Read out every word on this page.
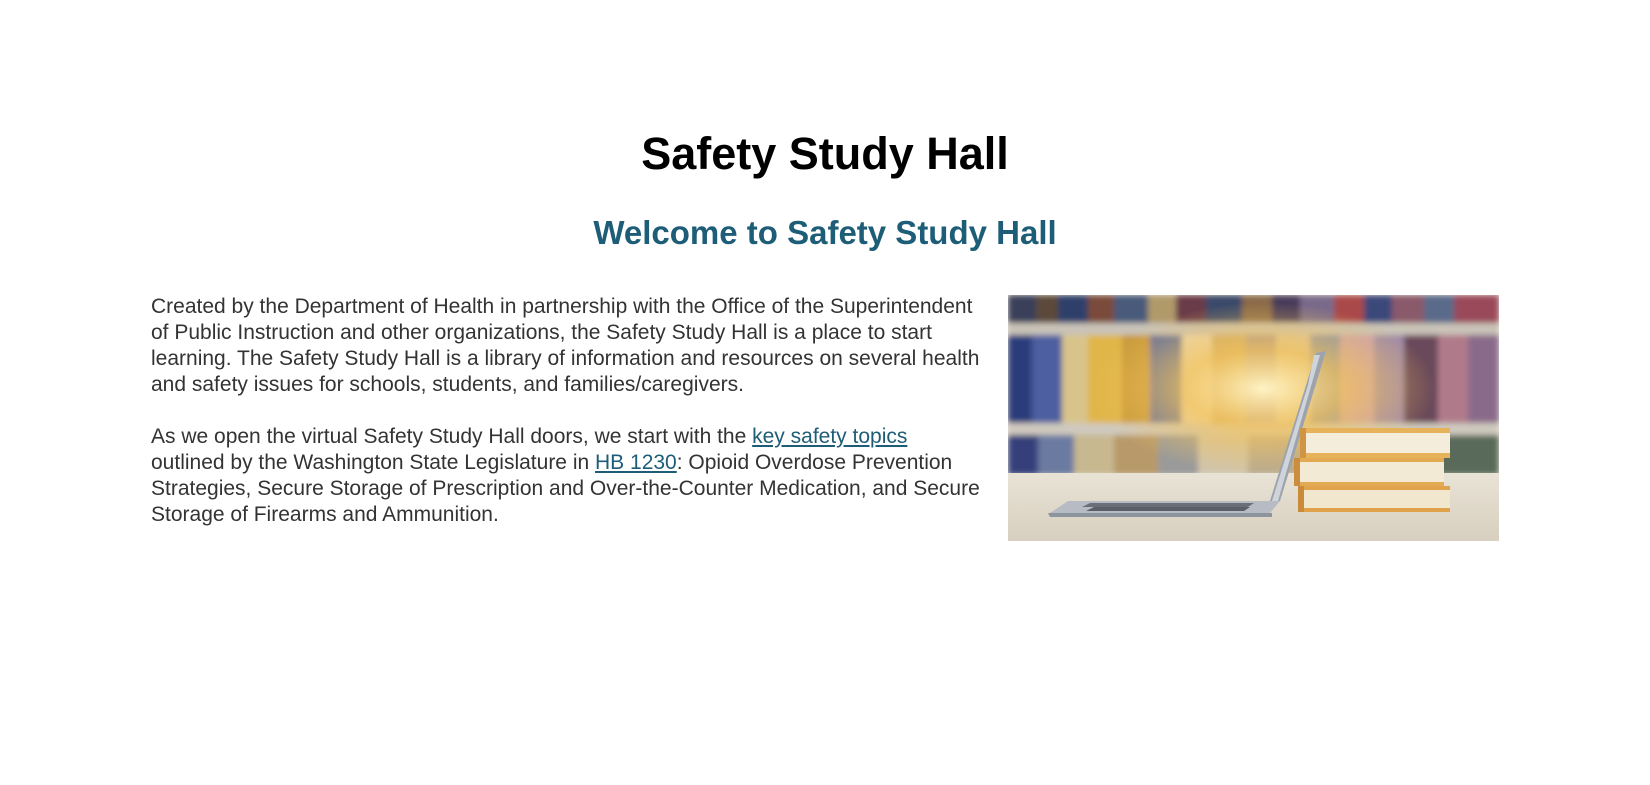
Safety Study Hall
Welcome to Safety Study Hall

Created by the Department of Health in partnership with the Office of the Superintendent of Public Instruction and other organizations, the Safety Study Hall is a place to start learning. The Safety Study Hall is a library of information and resources on several health and safety issues for schools, students, and families/caregivers.

As we open the virtual Safety Study Hall doors, we start with the key safety topics outlined by the Washington State Legislature in HB 1230: Opioid Overdose Prevention Strategies, Secure Storage of Prescription and Over-the-Counter Medication, and Secure Storage of Firearms and Ammunition.
